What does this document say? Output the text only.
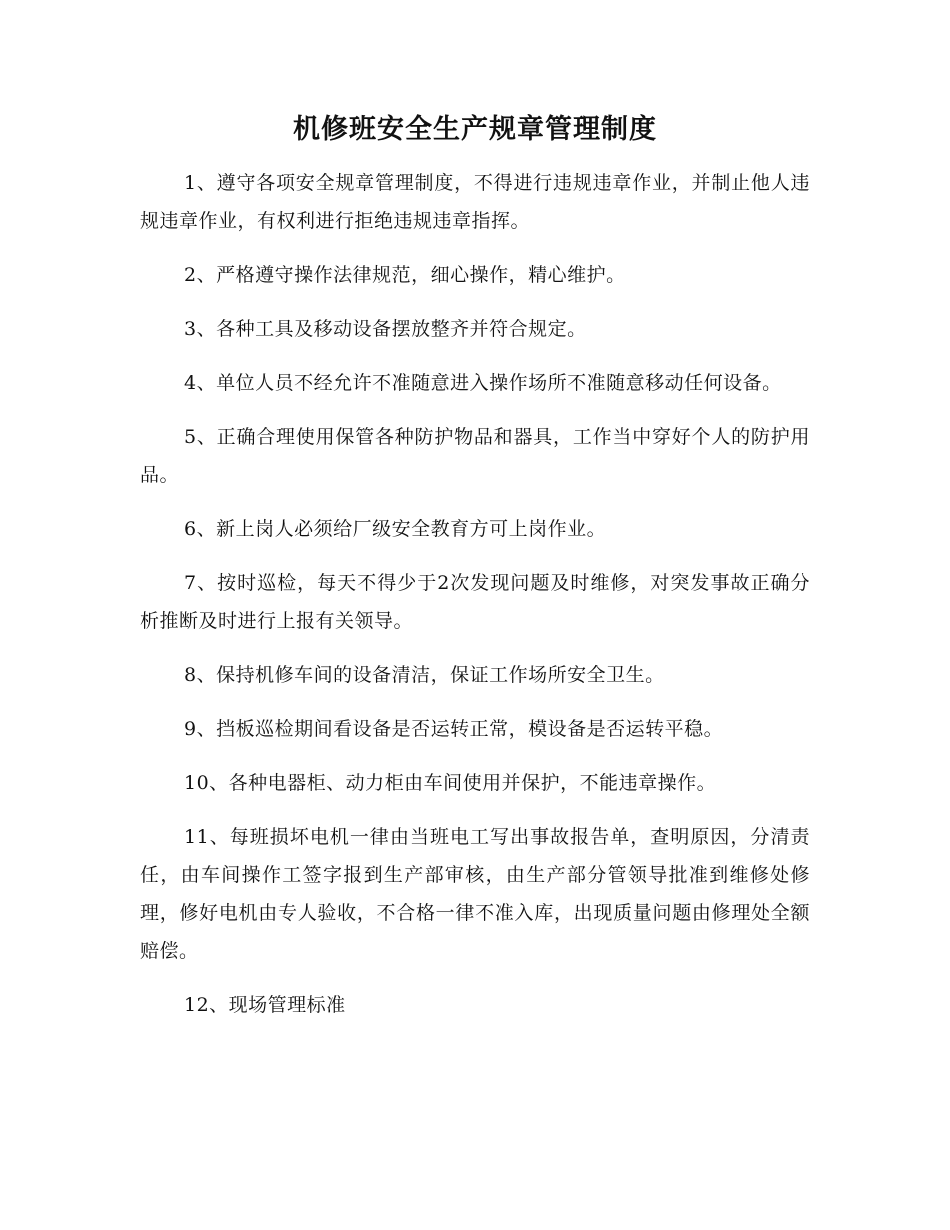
机修班安全生产规章管理制度

1、遵守各项安全规章管理制度，不得进行违规违章作业，并制止他人违规违章作业，有权利进行拒绝违规违章指挥。

2、严格遵守操作法律规范，细心操作，精心维护。

3、各种工具及移动设备摆放整齐并符合规定。

4、单位人员不经允许不准随意进入操作场所不准随意移动任何设备。

5、正确合理使用保管各种防护物品和器具，工作当中穿好个人的防护用品。

6、新上岗人必须给厂级安全教育方可上岗作业。

7、按时巡检，每天不得少于2次发现问题及时维修，对突发事故正确分析推断及时进行上报有关领导。

8、保持机修车间的设备清洁，保证工作场所安全卫生。

9、挡板巡检期间看设备是否运转正常，模设备是否运转平稳。

10、各种电器柜、动力柜由车间使用并保护，不能违章操作。

11、每班损坏电机一律由当班电工写出事故报告单，查明原因，分清责任，由车间操作工签字报到生产部审核，由生产部分管领导批准到维修处修理，修好电机由专人验收，不合格一律不准入库，出现质量问题由修理处全额赔偿。

12、现场管理标准
